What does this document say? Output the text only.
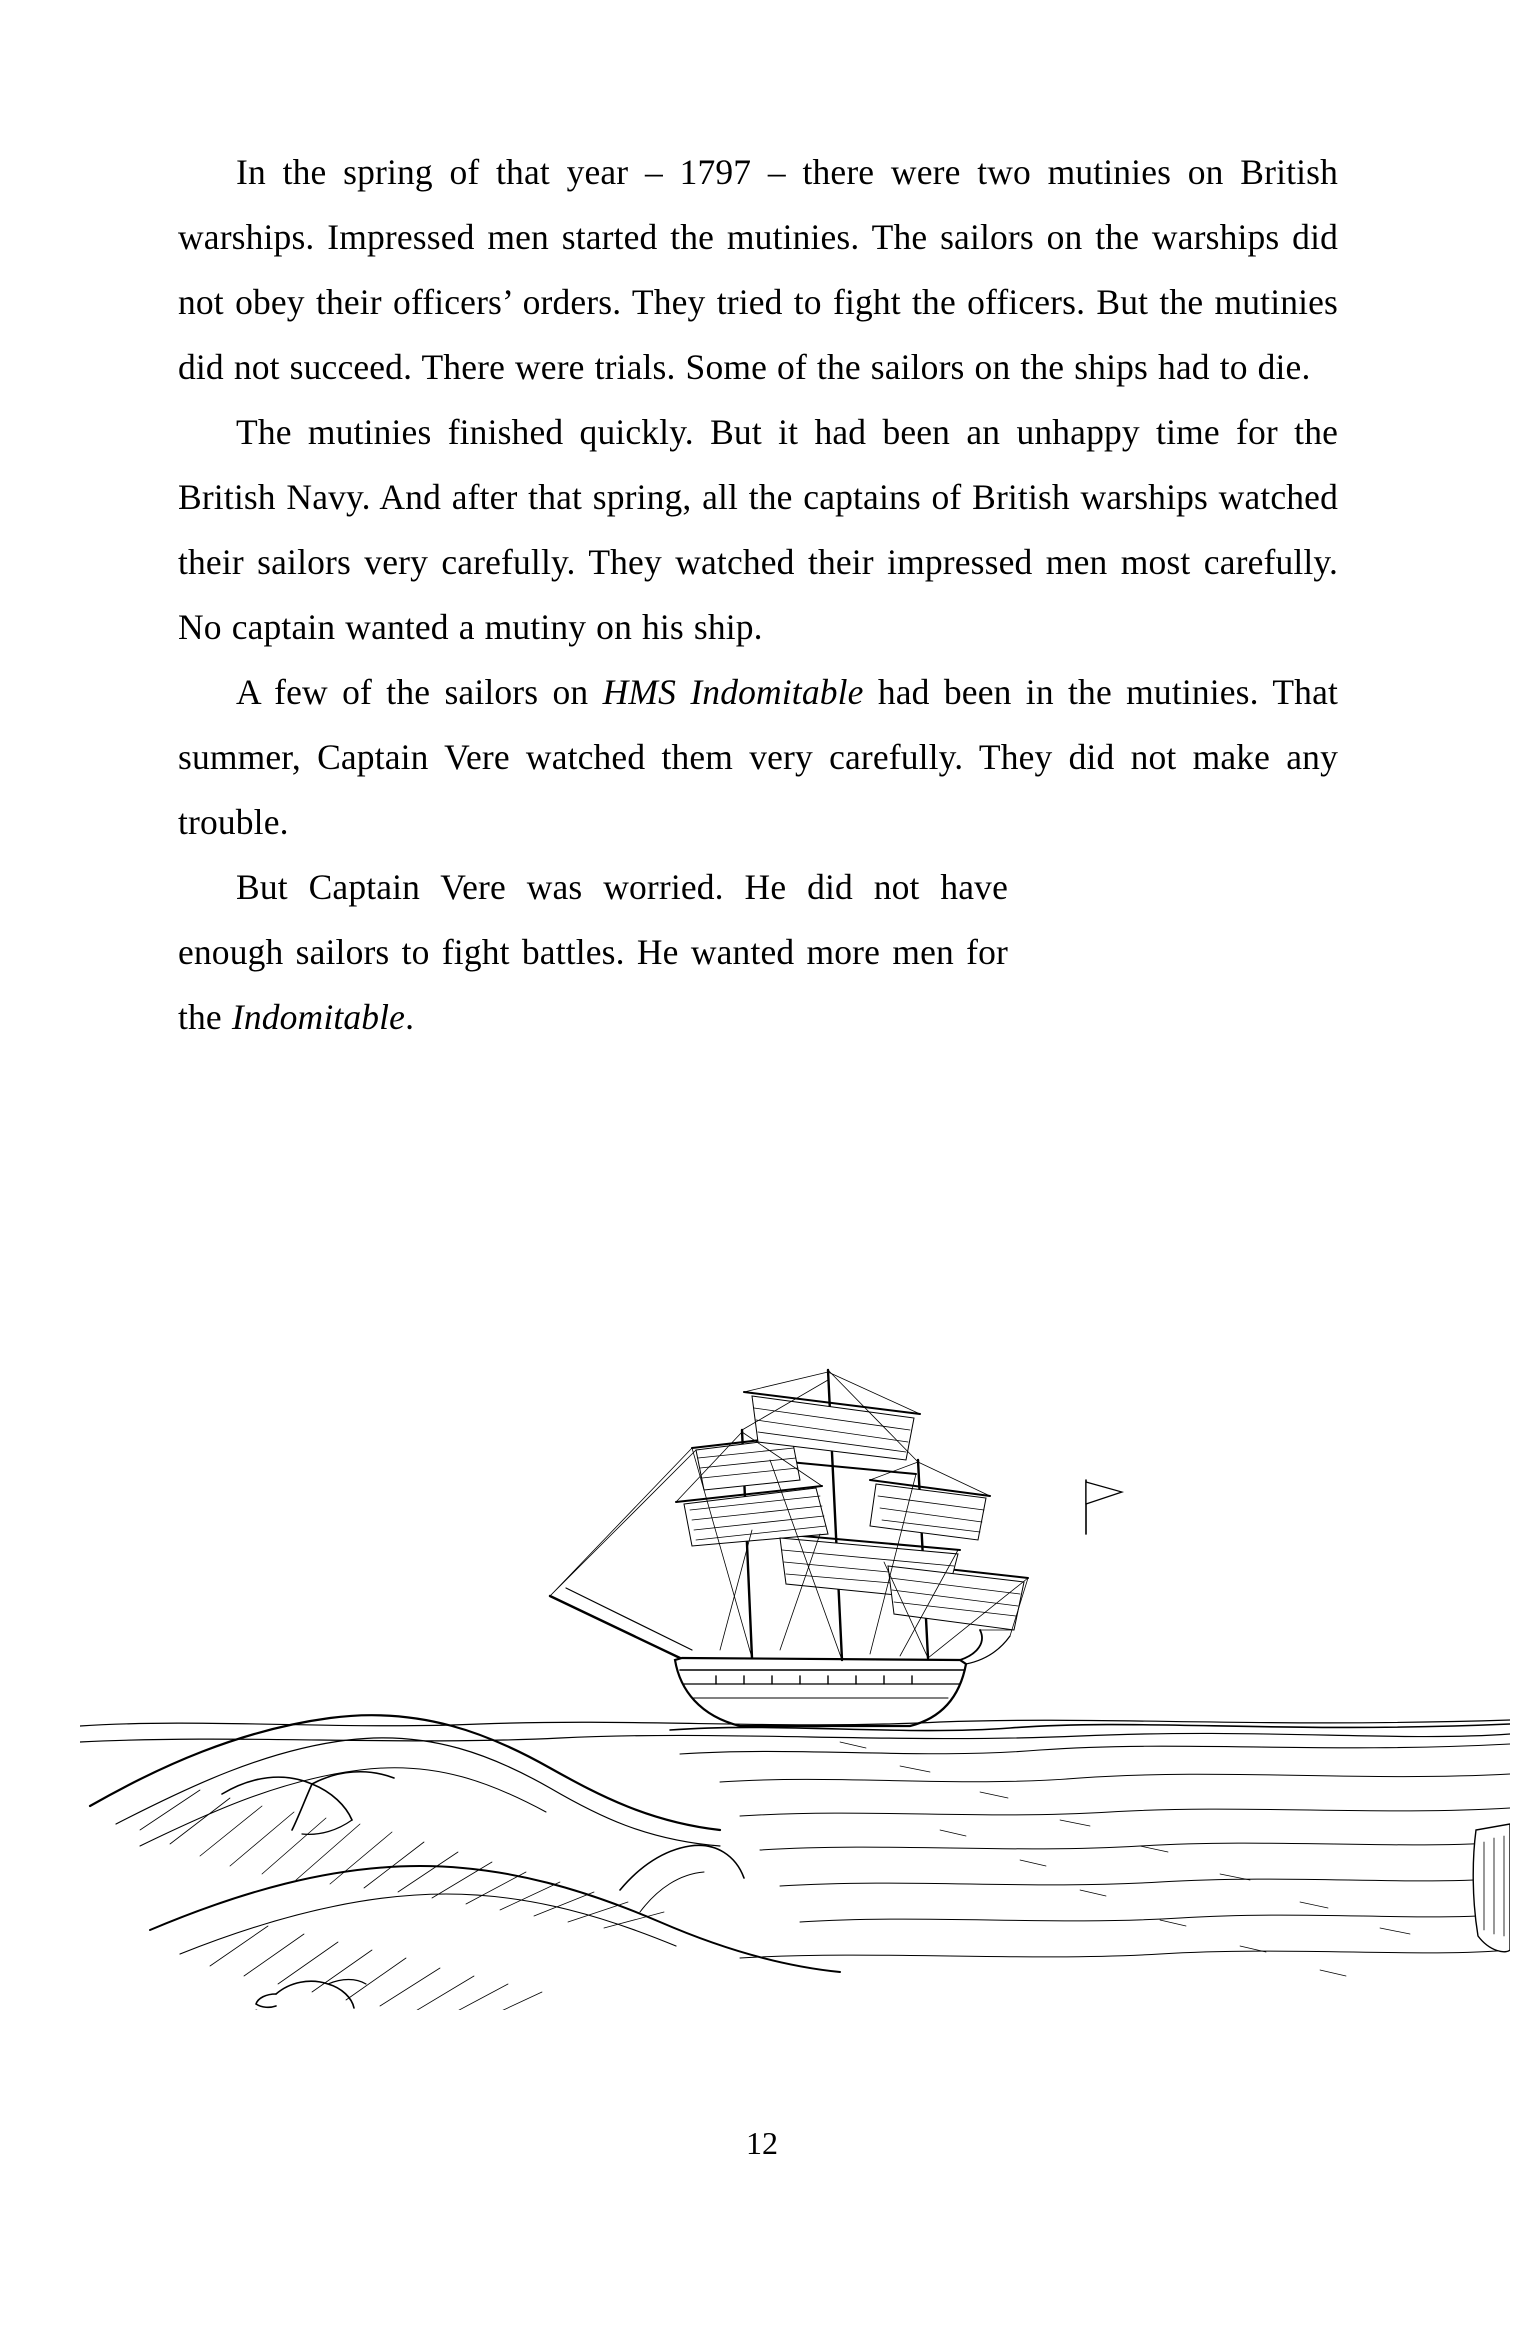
In the spring of that year – 1797 – there were two mutinies on British warships. Impressed men started the mutinies. The sailors on the warships did not obey their officers’ orders. They tried to fight the officers. But the mutinies did not succeed. There were trials. Some of the sailors on the ships had to die.

The mutinies finished quickly. But it had been an unhappy time for the British Navy. And after that spring, all the captains of British warships watched their sailors very carefully. They watched their impressed men most carefully. No captain wanted a mutiny on his ship.

A few of the sailors on HMS Indomitable had been in the mutinies. That summer, Captain Vere watched them very carefully. They did not make any trouble.

But Captain Vere was worried. He did not have enough sailors to fight battles. He wanted more men for the Indomitable.

12
